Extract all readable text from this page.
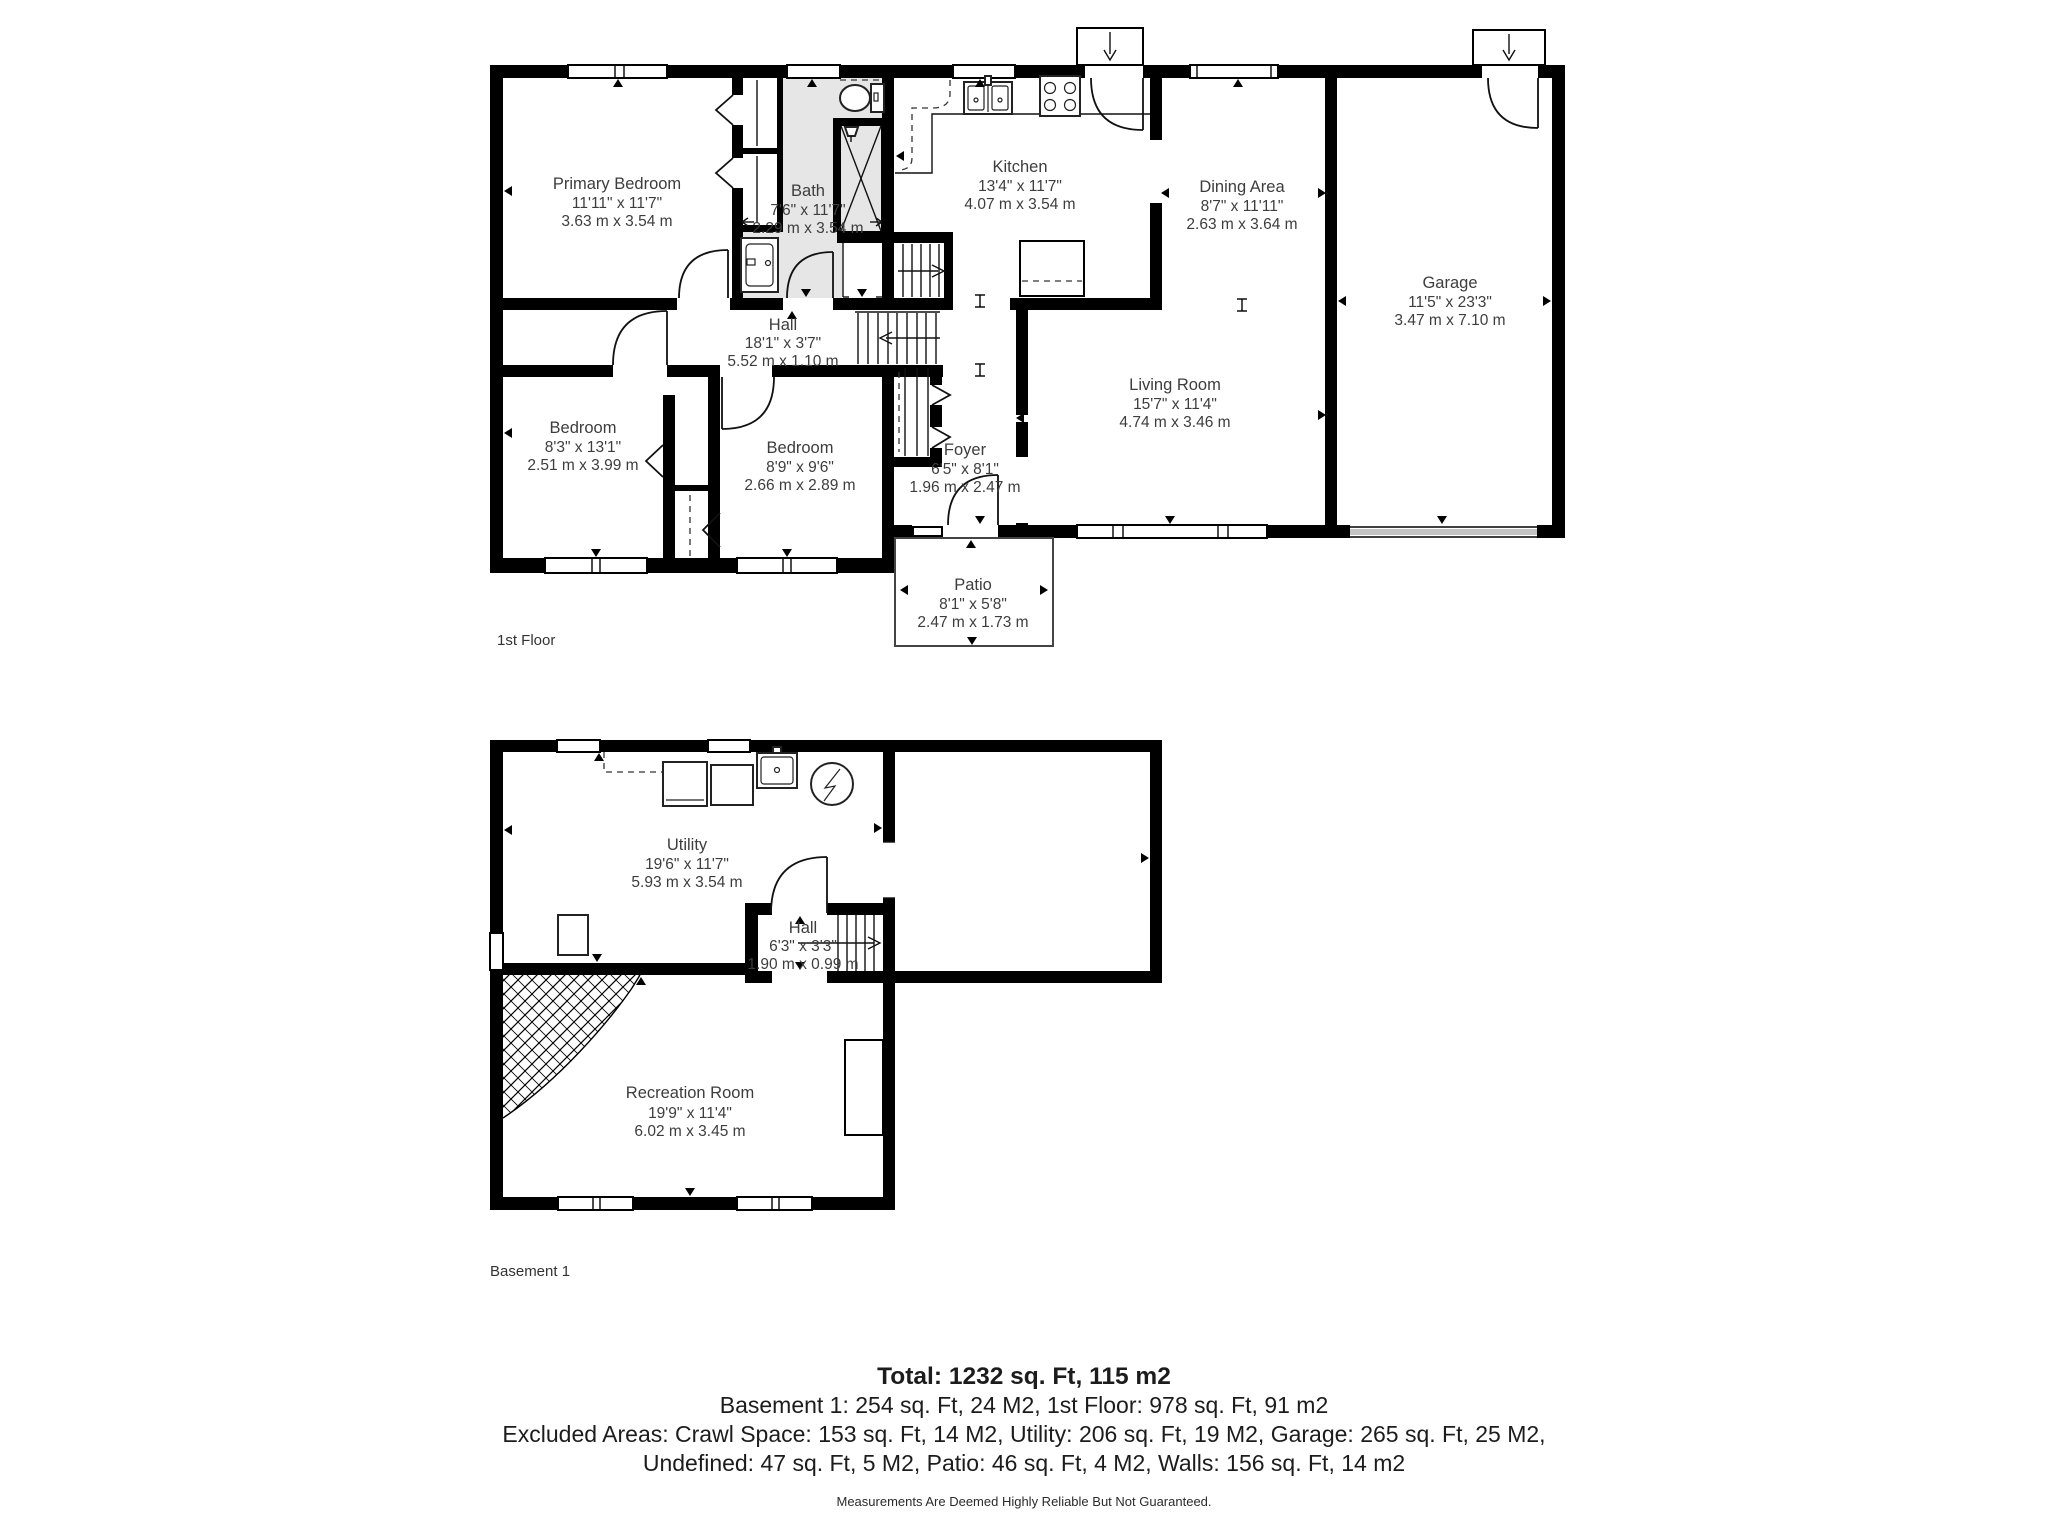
Primary Bedroom
11'11" x 11'7"
3.63 m x 3.54 m
Bath
7'6" x 11'7"
2.29 m x 3.54 m
Kitchen
13'4" x 11'7"
4.07 m x 3.54 m
Dining Area
8'7" x 11'11"
2.63 m x 3.64 m
Garage
11'5" x 23'3"
3.47 m x 7.10 m
Hall
18'1" x 3'7"
5.52 m x 1.10 m
Bedroom
8'3" x 13'1"
2.51 m x 3.99 m
Bedroom
8'9" x 9'6"
2.66 m x 2.89 m
Living Room
15'7" x 11'4"
4.74 m x 3.46 m
Foyer
6'5" x 8'1"
1.96 m x 2.47 m
Patio
8'1" x 5'8"
2.47 m x 1.73 m
1st Floor
Utility
19'6" x 11'7"
5.93 m x 3.54 m
Hall
6'3" x 3'3"
1.90 m x 0.99 m
Recreation Room
19'9" x 11'4"
6.02 m x 3.45 m
Basement 1
Total: 1232 sq. Ft, 115 m2
Basement 1: 254 sq. Ft, 24 M2, 1st Floor: 978 sq. Ft, 91 m2
Excluded Areas: Crawl Space: 153 sq. Ft, 14 M2, Utility: 206 sq. Ft, 19 M2, Garage: 265 sq. Ft, 25 M2,
Undefined: 47 sq. Ft, 5 M2, Patio: 46 sq. Ft, 4 M2, Walls: 156 sq. Ft, 14 m2
Measurements Are Deemed Highly Reliable But Not Guaranteed.
